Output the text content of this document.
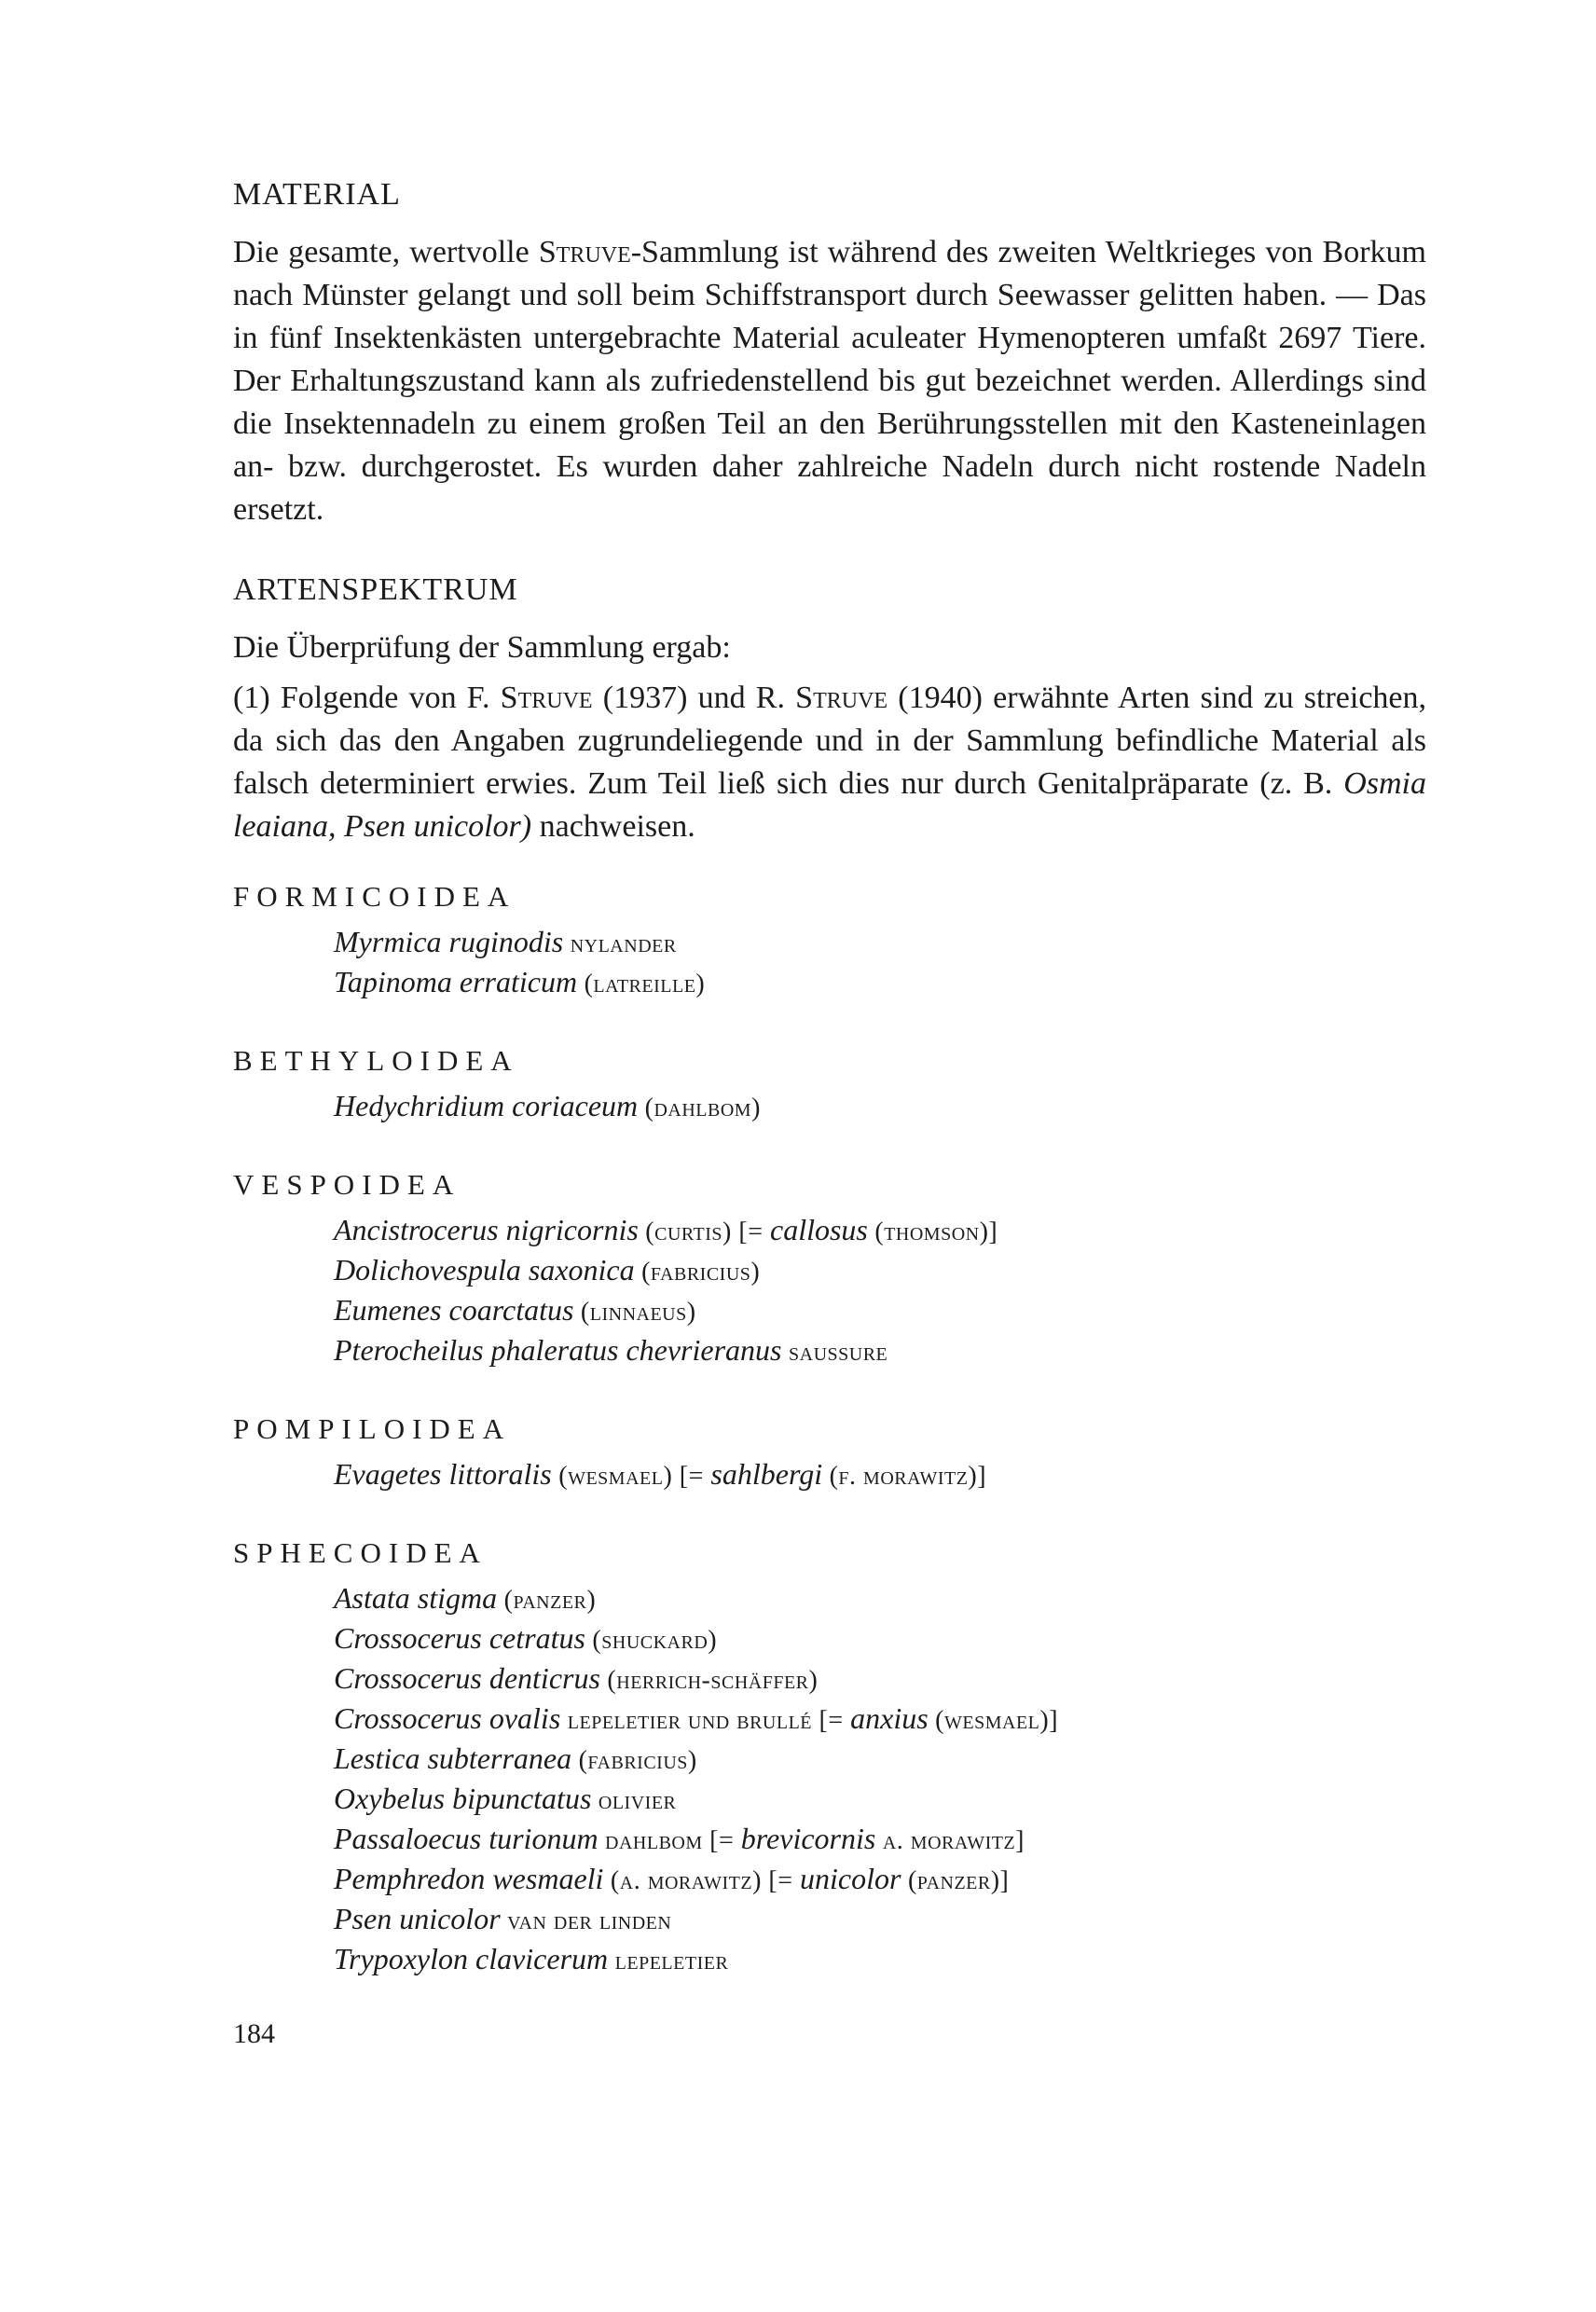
MATERIAL

Die gesamte, wertvolle Struve-Sammlung ist während des zweiten Weltkrieges von Borkum nach Münster gelangt und soll beim Schiffstransport durch Seewasser gelitten haben. — Das in fünf Insektenkästen untergebrachte Material aculeater Hymenopteren umfaßt 2697 Tiere. Der Erhaltungszustand kann als zufriedenstellend bis gut bezeichnet werden. Allerdings sind die Insektennadeln zu einem großen Teil an den Berührungsstellen mit den Kasteneinlagen an- bzw. durchgerostet. Es wurden daher zahlreiche Nadeln durch nicht rostende Nadeln ersetzt.

ARTENSPEKTRUM

Die Überprüfung der Sammlung ergab:

(1) Folgende von F. Struve (1937) und R. Struve (1940) erwähnte Arten sind zu streichen, da sich das den Angaben zugrundeliegende und in der Sammlung befindliche Material als falsch determiniert erwies. Zum Teil ließ sich dies nur durch Genitalpräparate (z. B. Osmia leaiana, Psen unicolor) nachweisen.

FORMICOIDEA
Myrmica ruginodis nylander
Tapinoma erraticum (latreille)
BETHYLOIDEA
Hedychridium coriaceum (dahlbom)
VESPOIDEA
Ancistrocerus nigricornis (curtis) [= callosus (thomson)]
Dolichovespula saxonica (fabricius)
Eumenes coarctatus (linnaeus)
Pterocheilus phaleratus chevrieranus saussure
POMPILOIDEA
Evagetes littoralis (wesmael) [= sahlbergi (f. morawitz)]
SPHECOIDEA
Astata stigma (panzer)
Crossocerus cetratus (shuckard)
Crossocerus denticrus (herrich-schäffer)
Crossocerus ovalis lepeletier und brullé [= anxius (wesmael)]
Lestica subterranea (fabricius)
Oxybelus bipunctatus olivier
Passaloecus turionum dahlbom [= brevicornis a. morawitz]
Pemphredon wesmaeli (a. morawitz) [= unicolor (panzer)]
Psen unicolor van der linden
Trypoxylon clavicerum lepeletier
184
